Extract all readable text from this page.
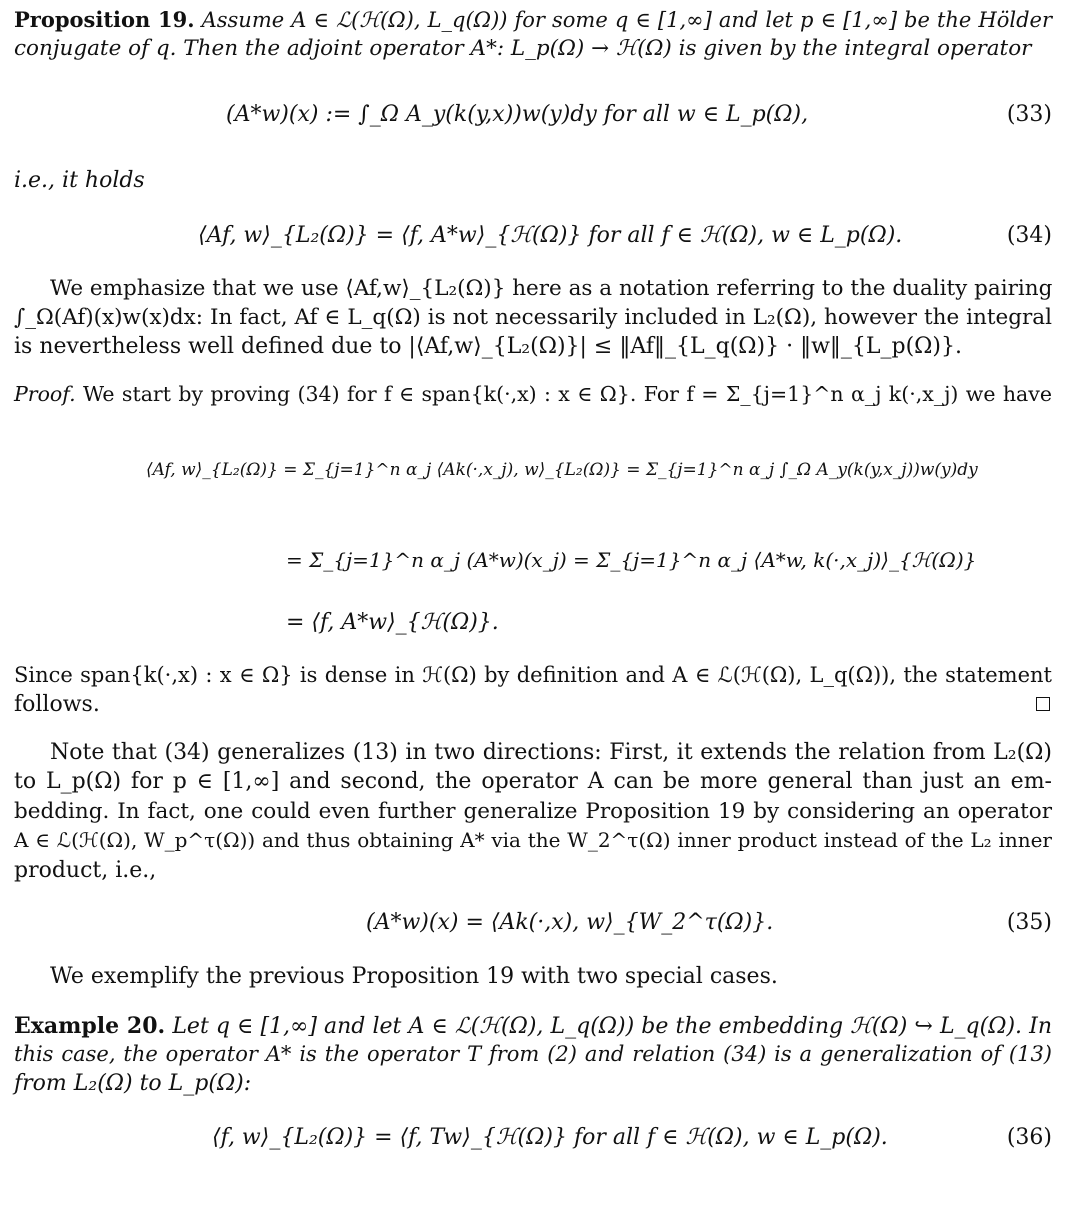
Proposition 19. Assume A ∈ ℒ(ℋ(Ω), L_q(Ω)) for some q ∈ [1,∞] and let p ∈ [1,∞] be the Hölder
conjugate of q. Then the adjoint operator A*: L_p(Ω) → ℋ(Ω) is given by the integral operator
(A*w)(x) := ∫_Ω A_y(k(y,x))w(y)dy for all w ∈ L_p(Ω),	(33)
i.e., it holds
⟨Af, w⟩_{L₂(Ω)} = ⟨f, A*w⟩_{ℋ(Ω)} for all f ∈ ℋ(Ω), w ∈ L_p(Ω).	(34)
We emphasize that we use ⟨Af,w⟩_{L₂(Ω)} here as a notation referring to the duality pairing
∫_Ω(Af)(x)w(x)dx: In fact, Af ∈ L_q(Ω) is not necessarily included in L₂(Ω), however the integral
is nevertheless well defined due to |⟨Af,w⟩_{L₂(Ω)}| ≤ ‖Af‖_{L_q(Ω)} · ‖w‖_{L_p(Ω)}.
Proof. We start by proving (34) for f ∈ span{k(·,x) : x ∈ Ω}. For f = Σ_{j=1}^n α_j k(·,x_j) we have
⟨Af, w⟩_{L₂(Ω)} = Σ_{j=1}^n α_j ⟨Ak(·,x_j), w⟩_{L₂(Ω)} = Σ_{j=1}^n α_j ∫_Ω A_y(k(y,x_j))w(y)dy
= Σ_{j=1}^n α_j (A*w)(x_j) = Σ_{j=1}^n α_j ⟨A*w, k(·,x_j)⟩_{ℋ(Ω)}
= ⟨f, A*w⟩_{ℋ(Ω)}.
Since span{k(·,x) : x ∈ Ω} is dense in ℋ(Ω) by definition and A ∈ ℒ(ℋ(Ω), L_q(Ω)), the statement
follows.
Note that (34) generalizes (13) in two directions: First, it extends the relation from L₂(Ω)
to L_p(Ω) for p ∈ [1,∞] and second, the operator A can be more general than just an em-
bedding. In fact, one could even further generalize Proposition 19 by considering an operator
A ∈ ℒ(ℋ(Ω), W_p^τ(Ω)) and thus obtaining A* via the W_2^τ(Ω) inner product instead of the L₂ inner
product, i.e.,
(A*w)(x) = ⟨Ak(·,x), w⟩_{W_2^τ(Ω)}.	(35)
We exemplify the previous Proposition 19 with two special cases.
Example 20. Let q ∈ [1,∞] and let A ∈ ℒ(ℋ(Ω), L_q(Ω)) be the embedding ℋ(Ω) ↪ L_q(Ω). In
this case, the operator A* is the operator T from (2) and relation (34) is a generalization of (13)
from L₂(Ω) to L_p(Ω):
⟨f, w⟩_{L₂(Ω)} = ⟨f, Tw⟩_{ℋ(Ω)} for all f ∈ ℋ(Ω), w ∈ L_p(Ω).	(36)
